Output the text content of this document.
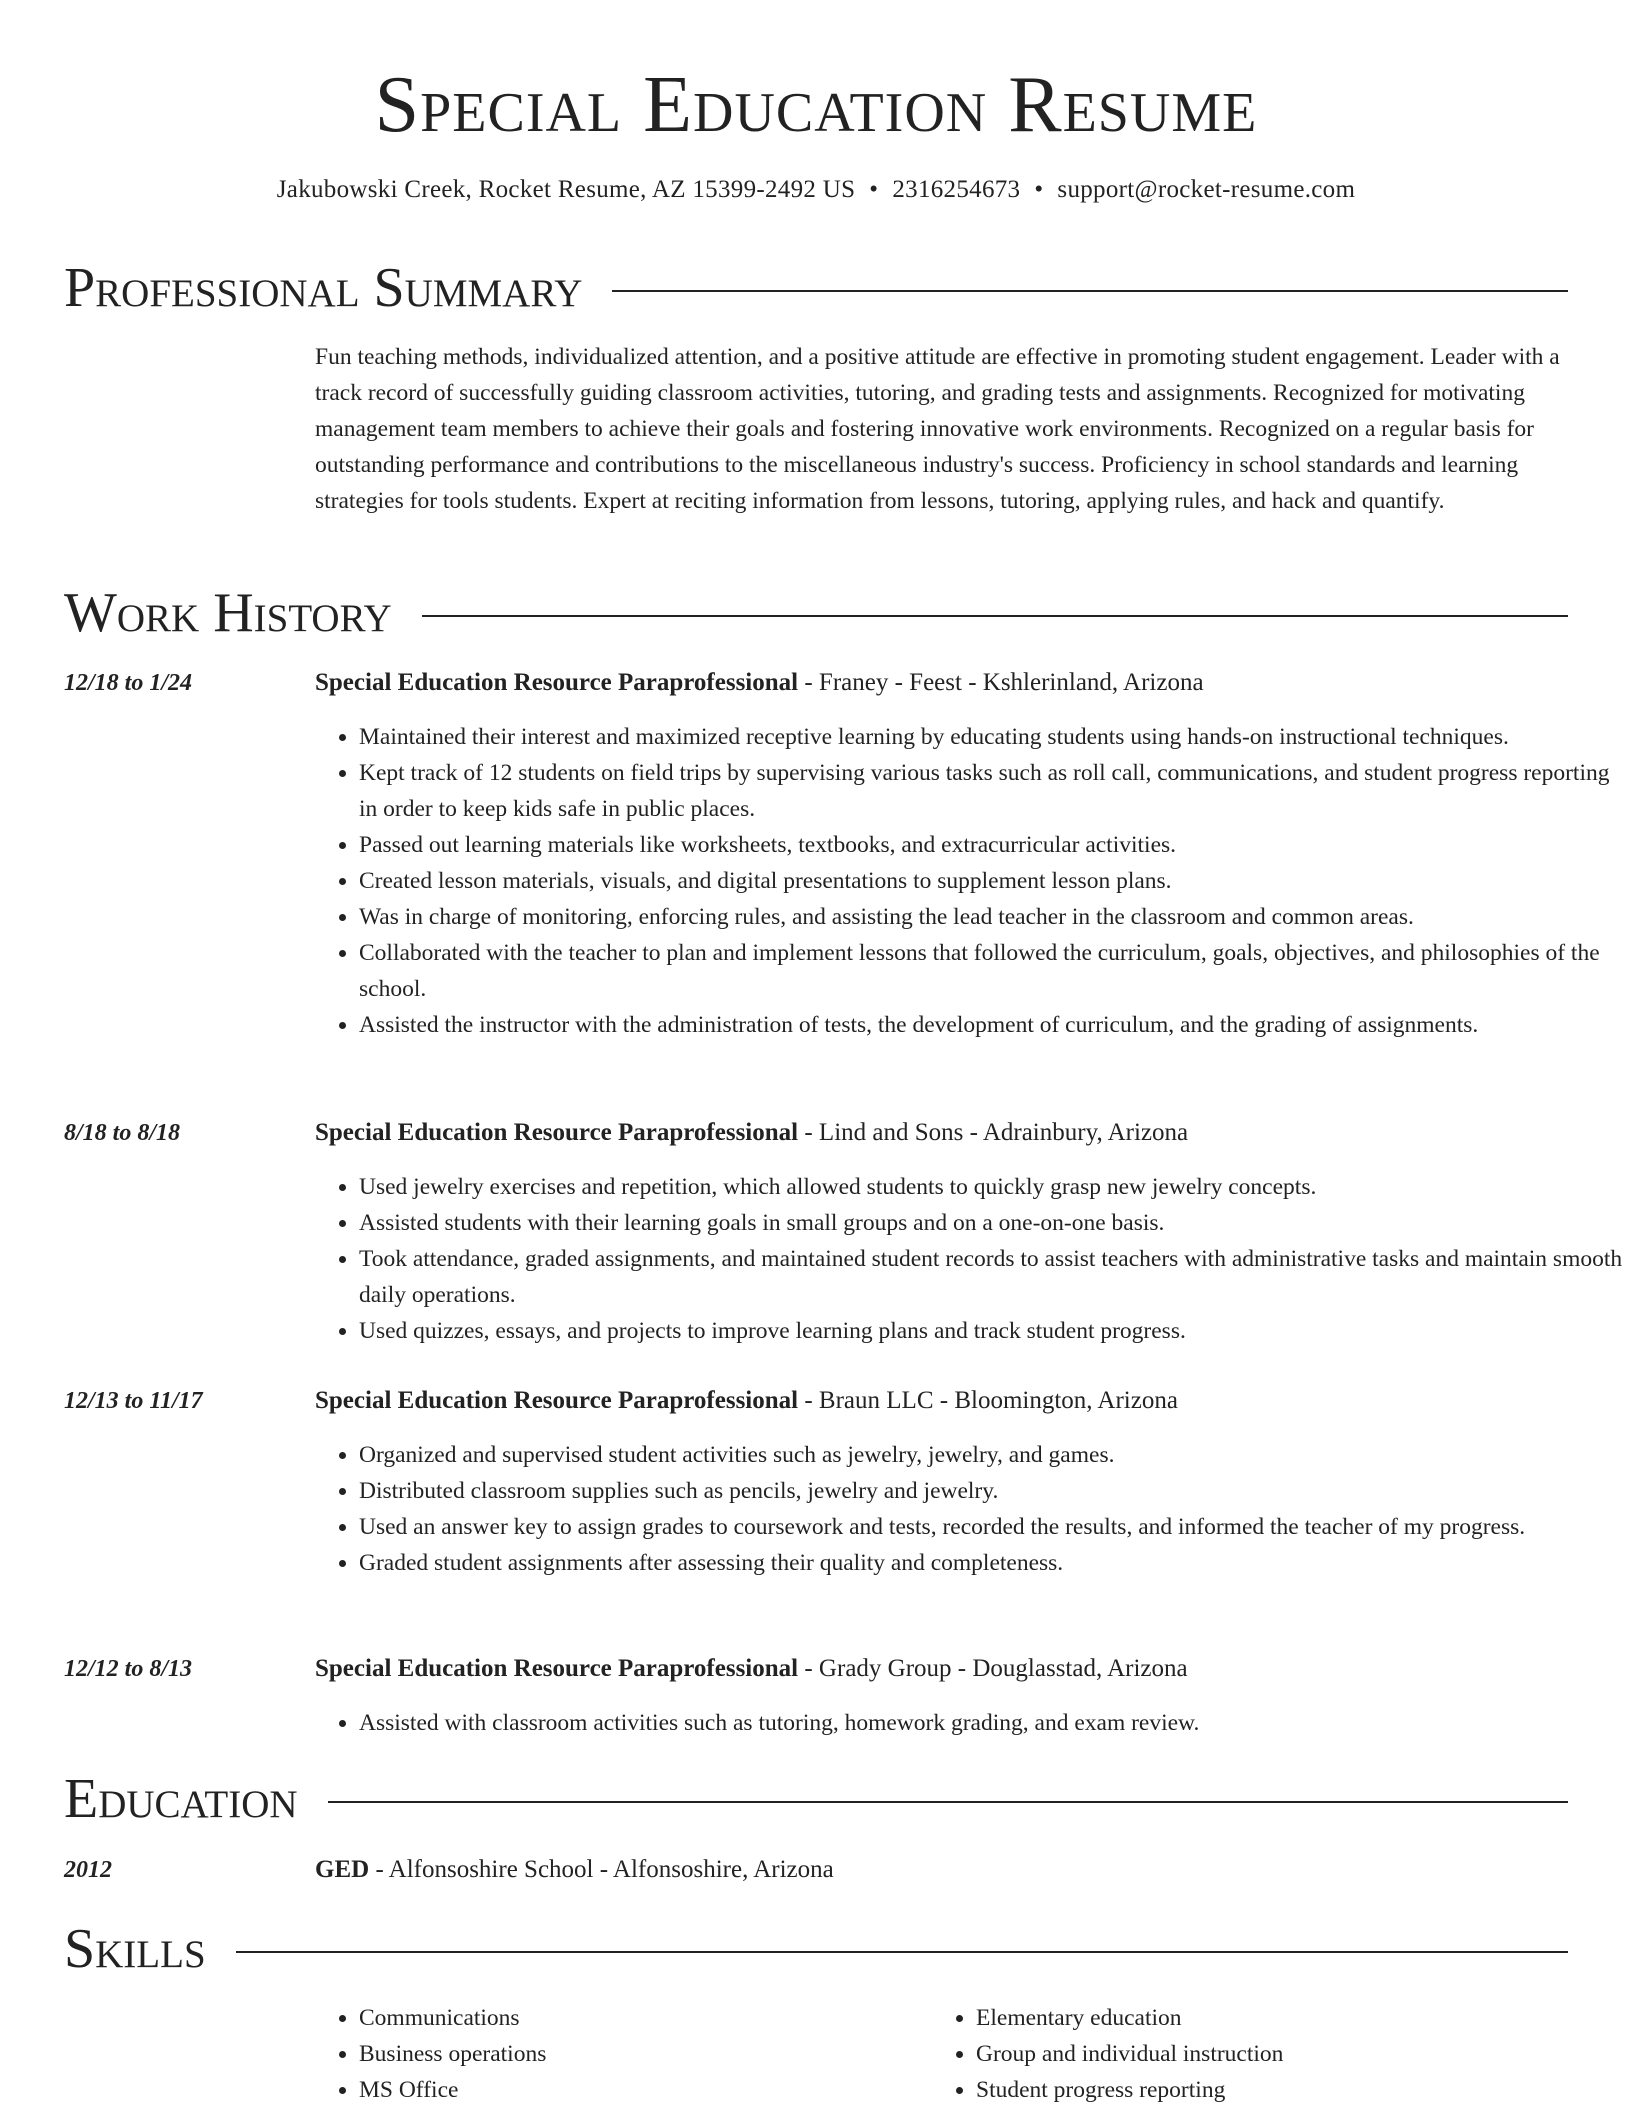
Special Education Resume
Jakubowski Creek, Rocket Resume, AZ 15399-2492 US • 2316254673 • support@rocket-resume.com
Professional Summary
Fun teaching methods, individualized attention, and a positive attitude are effective in promoting student engagement. Leader with a track record of successfully guiding classroom activities, tutoring, and grading tests and assignments. Recognized for motivating management team members to achieve their goals and fostering innovative work environments. Recognized on a regular basis for outstanding performance and contributions to the miscellaneous industry's success. Proficiency in school standards and learning strategies for tools students. Expert at reciting information from lessons, tutoring, applying rules, and hack and quantify.
Work History
12/18 to 1/24	Special Education Resource Paraprofessional - Franey - Feest - Kshlerinland, Arizona
• Maintained their interest and maximized receptive learning by educating students using hands-on instructional techniques.
• Kept track of 12 students on field trips by supervising various tasks such as roll call, communications, and student progress reporting in order to keep kids safe in public places.
• Passed out learning materials like worksheets, textbooks, and extracurricular activities.
• Created lesson materials, visuals, and digital presentations to supplement lesson plans.
• Was in charge of monitoring, enforcing rules, and assisting the lead teacher in the classroom and common areas.
• Collaborated with the teacher to plan and implement lessons that followed the curriculum, goals, objectives, and philosophies of the school.
• Assisted the instructor with the administration of tests, the development of curriculum, and the grading of assignments.
8/18 to 8/18	Special Education Resource Paraprofessional - Lind and Sons - Adrainbury, Arizona
• Used jewelry exercises and repetition, which allowed students to quickly grasp new jewelry concepts.
• Assisted students with their learning goals in small groups and on a one-on-one basis.
• Took attendance, graded assignments, and maintained student records to assist teachers with administrative tasks and maintain smooth daily operations.
• Used quizzes, essays, and projects to improve learning plans and track student progress.
12/13 to 11/17	Special Education Resource Paraprofessional - Braun LLC - Bloomington, Arizona
• Organized and supervised student activities such as jewelry, jewelry, and games.
• Distributed classroom supplies such as pencils, jewelry and jewelry.
• Used an answer key to assign grades to coursework and tests, recorded the results, and informed the teacher of my progress.
• Graded student assignments after assessing their quality and completeness.
12/12 to 8/13	Special Education Resource Paraprofessional - Grady Group - Douglasstad, Arizona
• Assisted with classroom activities such as tutoring, homework grading, and exam review.
Education
2012	GED - Alfonsoshire School - Alfonsoshire, Arizona
Skills
• Communications
• Business operations
• MS Office
• Elementary education
• Group and individual instruction
• Student progress reporting
